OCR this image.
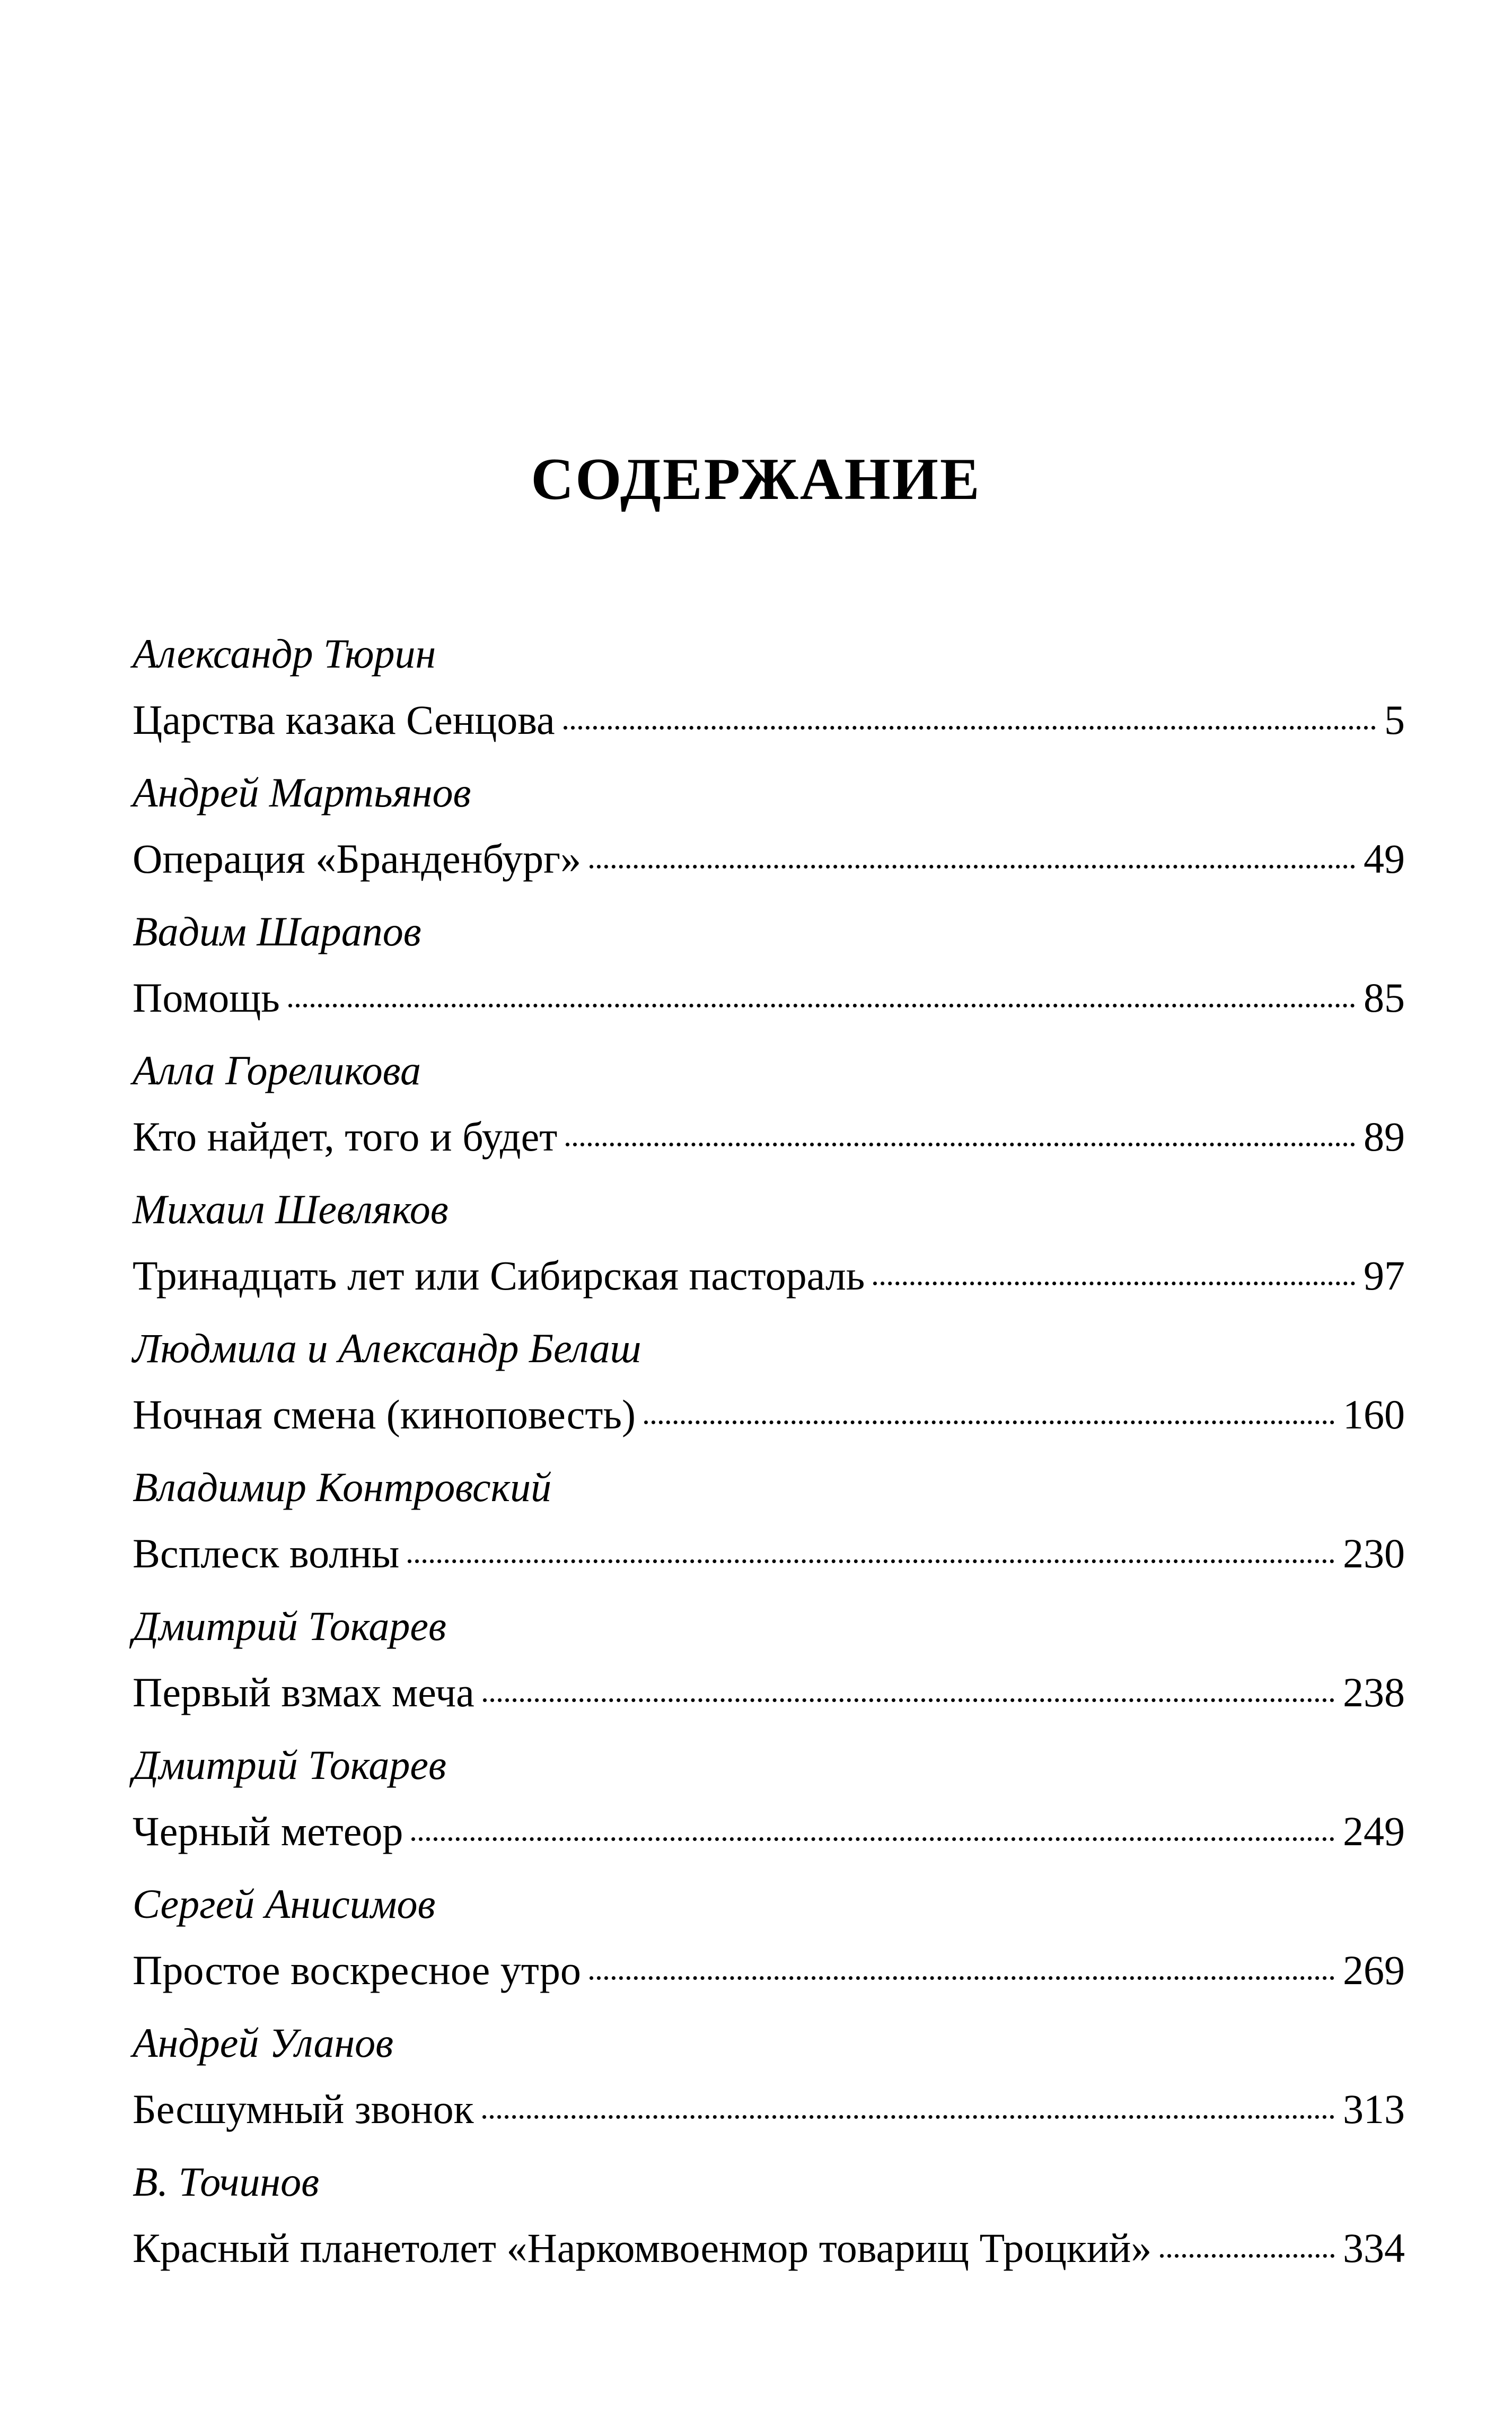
СОДЕРЖАНИЕ
Александр Тюрин
Царства казака Сенцова	5
Андрей Мартьянов
Операция «Бранденбург»	49
Вадим Шарапов
Помощь	85
Алла Гореликова
Кто найдет, того и будет	89
Михаил Шевляков
Тринадцать лет или Сибирская пастораль	97
Людмила и Александр Белаш
Ночная смена (киноповесть)	160
Владимир Контровский
Всплеск волны	230
Дмитрий Токарев
Первый взмах меча	238
Дмитрий Токарев
Черный метеор	249
Сергей Анисимов
Простое воскресное утро	269
Андрей Уланов
Бесшумный звонок	313
В. Точинов
Красный планетолет «Наркомвоенмор товарищ Троцкий»	334
